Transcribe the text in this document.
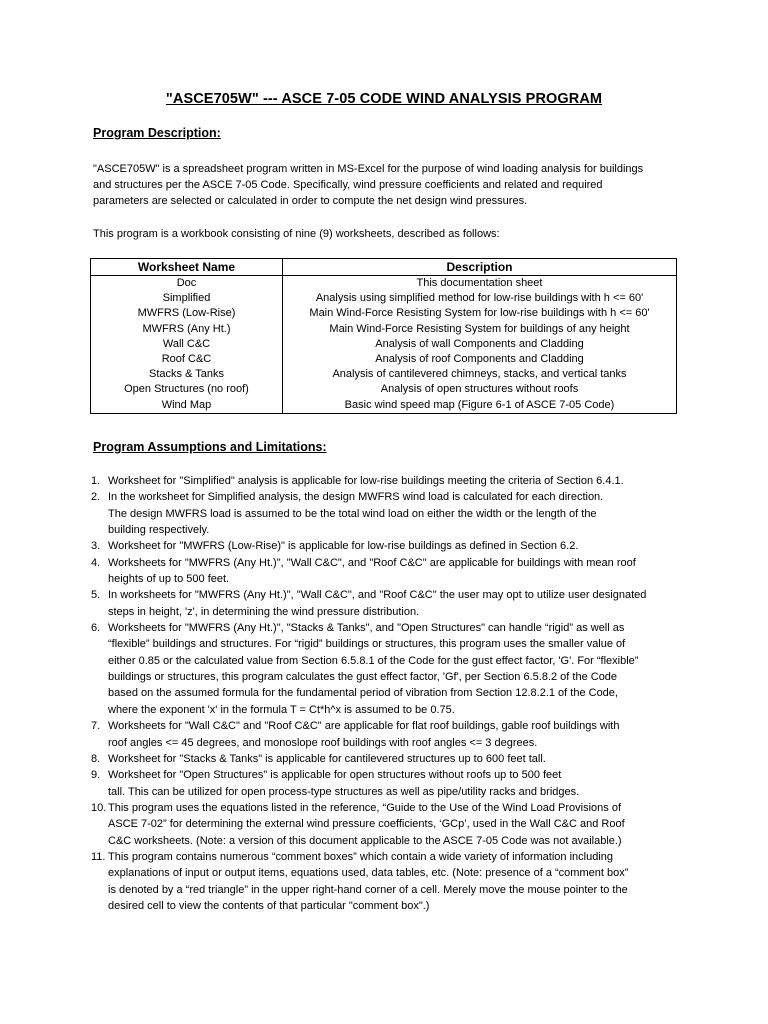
"ASCE705W" --- ASCE 7-05 CODE WIND ANALYSIS PROGRAM
Program Description:
"ASCE705W" is a spreadsheet program written in MS-Excel for the purpose of wind loading analysis for buildings
and structures per the ASCE 7-05 Code. Specifically, wind pressure coefficients and related and required
parameters are selected or calculated in order to compute the net design wind pressures.
This program is a workbook consisting of nine (9) worksheets, described as follows:
Worksheet Name	Description
Doc	This documentation sheet
Simplified	Analysis using simplified method for low-rise buildings with h <= 60'
MWFRS (Low-Rise)	Main Wind-Force Resisting System for low-rise buildings with h <= 60'
MWFRS (Any Ht.)	Main Wind-Force Resisting System for buildings of any height
Wall C&C	Analysis of wall Components and Cladding
Roof C&C	Analysis of roof Components and Cladding
Stacks & Tanks	Analysis of cantilevered chimneys, stacks, and vertical tanks
Open Structures (no roof)	Analysis of open structures without roofs
Wind Map	Basic wind speed map (Figure 6-1 of ASCE 7-05 Code)
Program Assumptions and Limitations:
1. Worksheet for "Simplified" analysis is applicable for low-rise buildings meeting the criteria of Section 6.4.1.
2. In the worksheet for Simplified analysis, the design MWFRS wind load is calculated for each direction.
The design MWFRS load is assumed to be the total wind load on either the width or the length of the
building respectively.
3. Worksheet for "MWFRS (Low-Rise)" is applicable for low-rise buildings as defined in Section 6.2.
4. Worksheets for "MWFRS (Any Ht.)", "Wall C&C", and "Roof C&C" are applicable for buildings with mean roof
heights of up to 500 feet.
5. In worksheets for "MWFRS (Any Ht.)", "Wall C&C", and "Roof C&C" the user may opt to utilize user designated
steps in height, 'z', in determining the wind pressure distribution.
6. Worksheets for "MWFRS (Any Ht.)", "Stacks & Tanks", and "Open Structures" can handle “rigid” as well as
“flexible” buildings and structures. For “rigid” buildings or structures, this program uses the smaller value of
either 0.85 or the calculated value from Section 6.5.8.1 of the Code for the gust effect factor, 'G'. For “flexible”
buildings or structures, this program calculates the gust effect factor, 'Gf', per Section 6.5.8.2 of the Code
based on the assumed formula for the fundamental period of vibration from Section 12.8.2.1 of the Code,
where the exponent 'x' in the formula T = Ct*h^x is assumed to be 0.75.
7. Worksheets for "Wall C&C" and "Roof C&C" are applicable for flat roof buildings, gable roof buildings with
roof angles <= 45 degrees, and monoslope roof buildings with roof angles <= 3 degrees.
8. Worksheet for "Stacks & Tanks" is applicable for cantilevered structures up to 600 feet tall.
9. Worksheet for "Open Structures" is applicable for open structures without roofs up to 500 feet
tall. This can be utilized for open process-type structures as well as pipe/utility racks and bridges.
10. This program uses the equations listed in the reference, “Guide to the Use of the Wind Load Provisions of
ASCE 7-02” for determining the external wind pressure coefficients, ‘GCp’, used in the Wall C&C and Roof
C&C worksheets. (Note: a version of this document applicable to the ASCE 7-05 Code was not available.)
11. This program contains numerous “comment boxes” which contain a wide variety of information including
explanations of input or output items, equations used, data tables, etc. (Note: presence of a “comment box”
is denoted by a “red triangle” in the upper right-hand corner of a cell. Merely move the mouse pointer to the
desired cell to view the contents of that particular "comment box".)
